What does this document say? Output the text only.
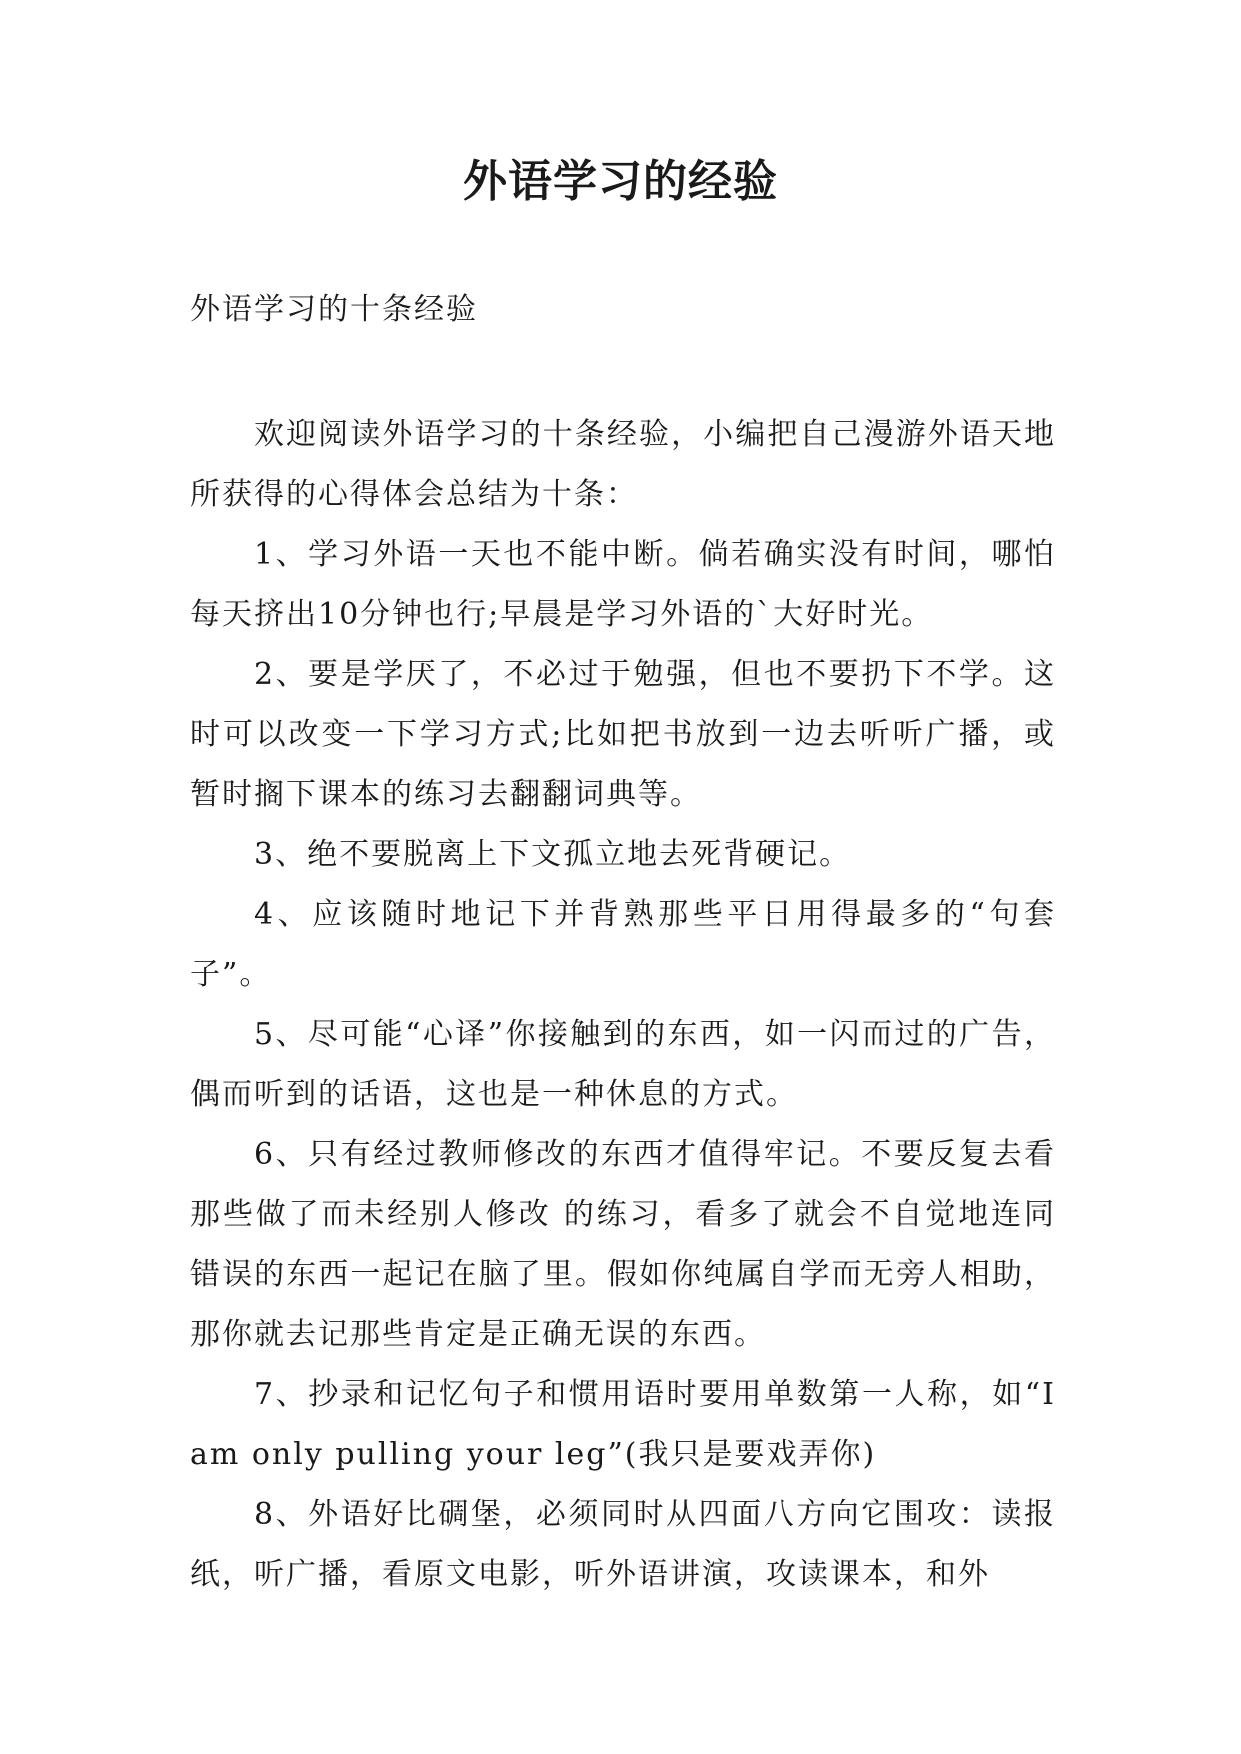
外语学习的经验

外语学习的十条经验

欢迎阅读外语学习的十条经验，小编把自己漫游外语天地所获得的心得体会总结为十条：

1、学习外语一天也不能中断。倘若确实没有时间，哪怕每天挤出10分钟也行;早晨是学习外语的`大好时光。

2、要是学厌了，不必过于勉强，但也不要扔下不学。这时可以改变一下学习方式;比如把书放到一边去听听广播，或暂时搁下课本的练习去翻翻词典等。

3、绝不要脱离上下文孤立地去死背硬记。

4、应该随时地记下并背熟那些平日用得最多的“句套子”。

5、尽可能“心译”你接触到的东西，如一闪而过的广告，偶而听到的话语，这也是一种休息的方式。

6、只有经过教师修改的东西才值得牢记。不要反复去看那些做了而未经别人修改 的练习，看多了就会不自觉地连同错误的东西一起记在脑了里。假如你纯属自学而无旁人相助，那你就去记那些肯定是正确无误的东西。

7、抄录和记忆句子和惯用语时要用单数第一人称，如“I am only pulling your leg”(我只是要戏弄你)

8、外语好比碉堡，必须同时从四面八方向它围攻：读报纸，听广播，看原文电影，听外语讲演，攻读课本，和外
